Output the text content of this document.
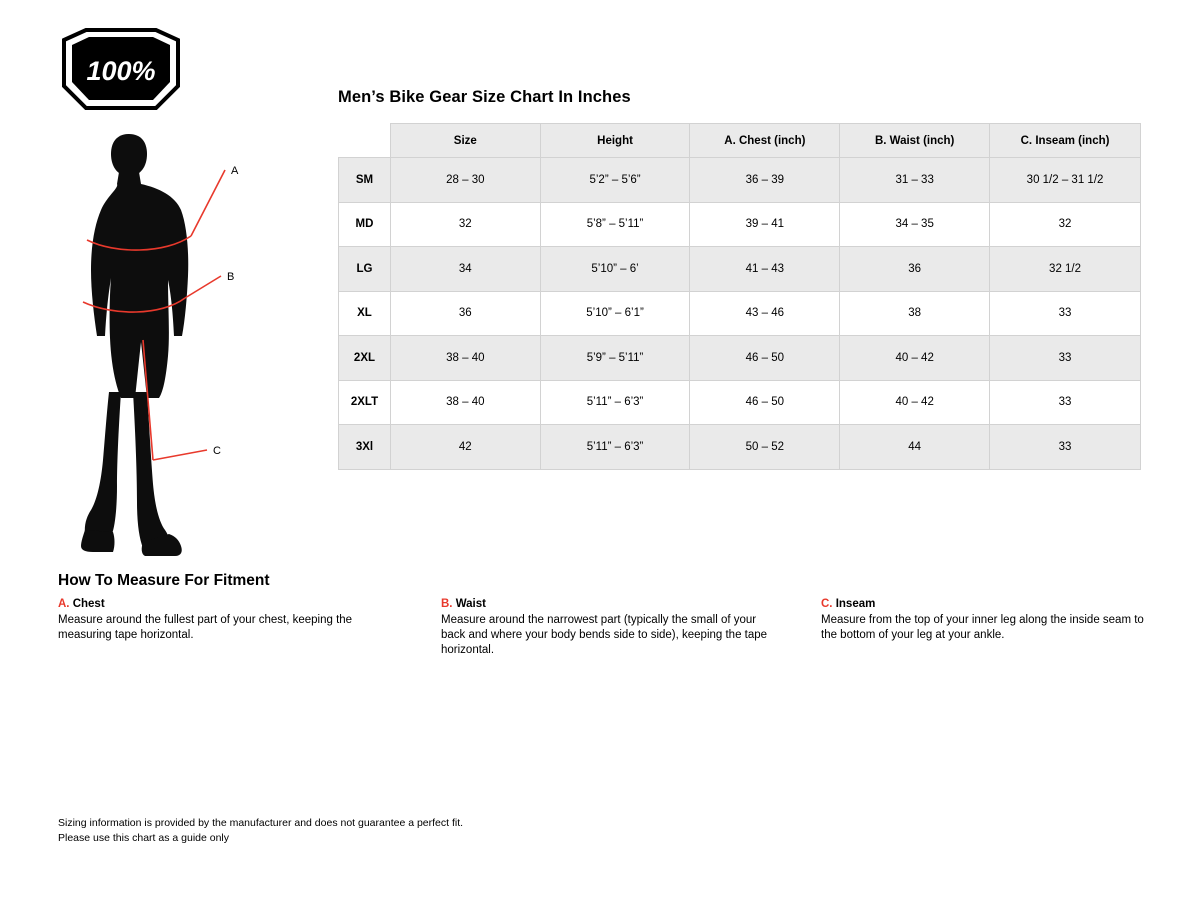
100%
A
B
C
Men’s Bike Gear Size Chart In Inches
	Size	Height	A. Chest (inch)	B. Waist (inch)	C. Inseam (inch)
SM	28 – 30	5’2” – 5’6”	36 – 39	31 – 33	30 1/2 – 31 1/2
MD	32	5’8” – 5’11”	39 – 41	34 – 35	32
LG	34	5’10” – 6’	41 – 43	36	32 1/2
XL	36	5’10” – 6’1”	43 – 46	38	33
2XL	38 – 40	5’9” – 5’11”	46 – 50	40 – 42	33
2XLT	38 – 40	5’11” – 6’3”	46 – 50	40 – 42	33
3Xl	42	5’11” – 6’3”	50 – 52	44	33
How To Measure For Fitment
A. Chest
Measure around the fullest part of your chest, keeping the measuring tape horizontal.
B. Waist
Measure around the narrowest part (typically the small of your back and where your body bends side to side), keeping the tape horizontal.
C. Inseam
Measure from the top of your inner leg along the inside seam to the bottom of your leg at your ankle.
Sizing information is provided by the manufacturer and does not guarantee a perfect fit.
Please use this chart as a guide only
